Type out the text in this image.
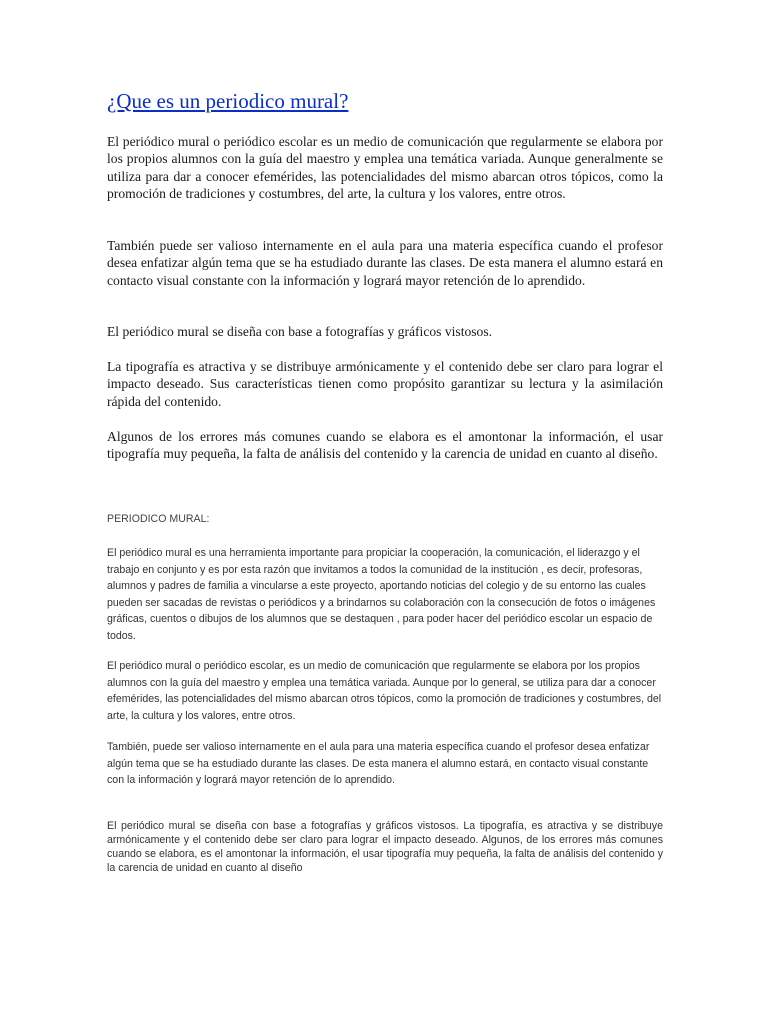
¿Que es un periodico mural?

El periódico mural o periódico escolar es un medio de comunicación que regularmente se elabora por los propios alumnos con la guía del maestro y emplea una temática variada. Aunque generalmente se utiliza para dar a conocer efemérides, las potencialidades del mismo abarcan otros tópicos, como la promoción de tradiciones y costumbres, del arte, la cultura y los valores, entre otros.

También puede ser valioso internamente en el aula para una materia específica cuando el profesor desea enfatizar algún tema que se ha estudiado durante las clases. De esta manera el alumno estará en contacto visual constante con la información y logrará mayor retención de lo aprendido.

El periódico mural se diseña con base a fotografías y gráficos vistosos.

La tipografía es atractiva y se distribuye armónicamente y el contenido debe ser claro para lograr el impacto deseado. Sus características tienen como propósito garantizar su lectura y la asimilación rápida del contenido.

Algunos de los errores más comunes cuando se elabora es el amontonar la información, el usar tipografía muy pequeña, la falta de análisis del contenido y la carencia de unidad en cuanto al diseño.

PERIODICO MURAL:

El periódico mural es una herramienta importante para propiciar la cooperación, la comunicación, el liderazgo y el trabajo en conjunto y es por esta razón que invitamos a todos la comunidad de la institución , es decir, profesoras, alumnos y padres de familia a vincularse a este proyecto, aportando noticias del colegio y de su entorno las cuales pueden ser sacadas de revistas o periódicos y a brindarnos su colaboración con la consecución de fotos o imágenes gráficas, cuentos o dibujos de los alumnos que se destaquen , para poder hacer del periódico escolar un espacio de todos.

El periódico mural o periódico escolar, es un medio de comunicación que regularmente se elabora por los propios alumnos con la guía del maestro y emplea una temática variada. Aunque por lo general, se utiliza para dar a conocer efemérides, las potencialidades del mismo abarcan otros tópicos, como la promoción de tradiciones y costumbres, del arte, la cultura y los valores, entre otros.

También, puede ser valioso internamente en el aula para una materia específica cuando el profesor desea enfatizar algún tema que se ha estudiado durante las clases. De esta manera el alumno estará, en contacto visual constante con la información y logrará mayor retención de lo aprendido.

El periódico mural se diseña con base a fotografías y gráficos vistosos. La tipografía, es atractiva y se distribuye armónicamente y el contenido debe ser claro para lograr el impacto deseado. Algunos, de los errores más comunes cuando se elabora, es el amontonar la información, el usar tipografía muy pequeña, la falta de análisis del contenido y la carencia de unidad en cuanto al diseño
